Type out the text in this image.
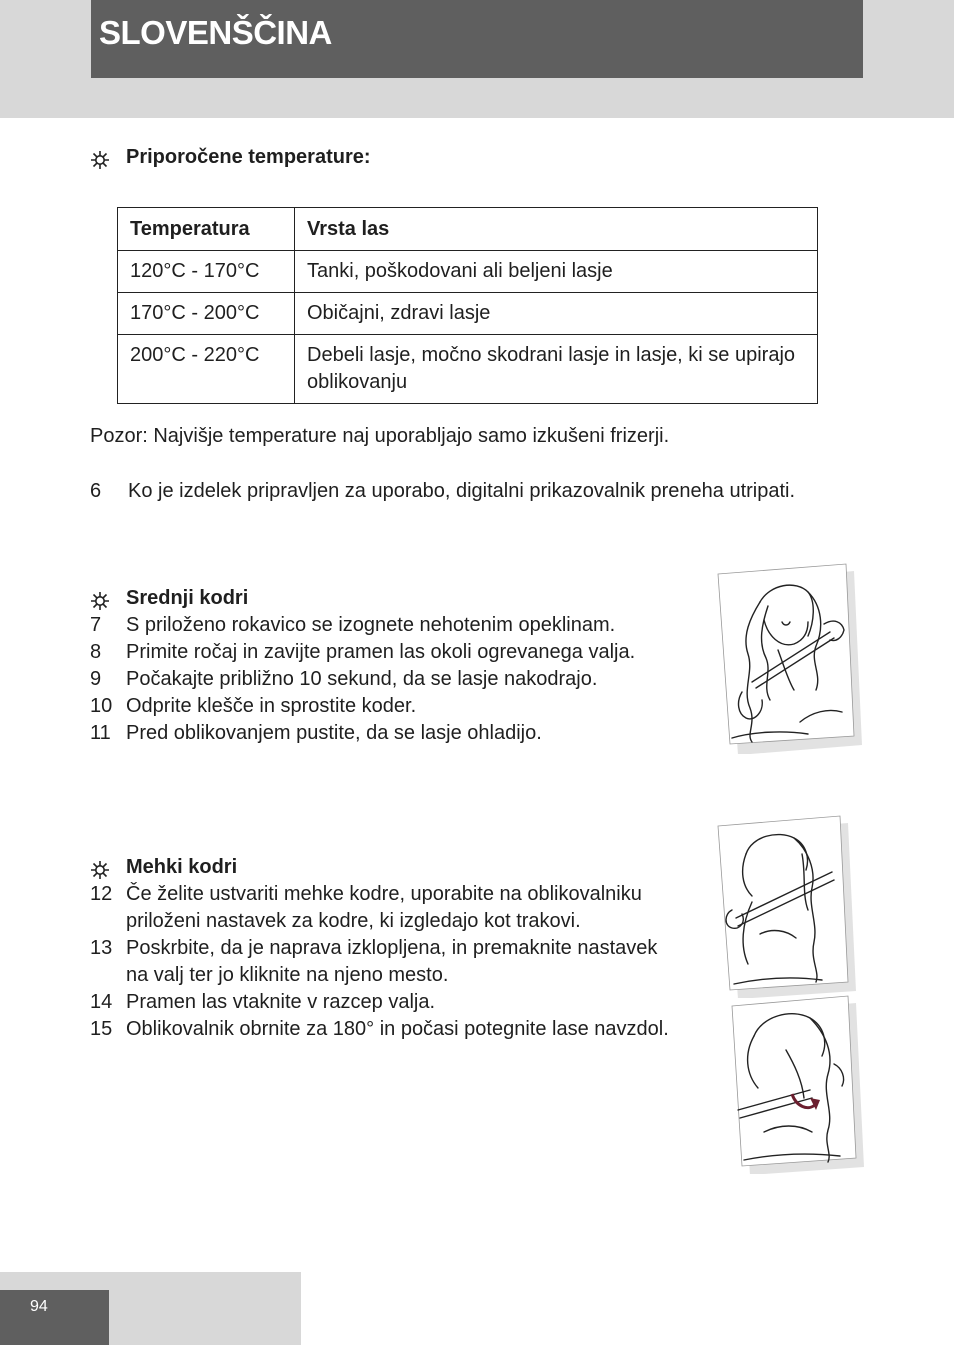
SLOVENŠČINA
Priporočene temperature:
Temperatura	Vrsta las
120°C - 170°C	Tanki, poškodovani ali beljeni lasje
170°C - 200°C	Običajni, zdravi lasje
200°C - 220°C	Debeli lasje, močno skodrani lasje in lasje, ki se upirajo oblikovanju
Pozor: Najvišje temperature naj uporabljajo samo izkušeni frizerji.
6 Ko je izdelek pripravljen za uporabo, digitalni prikazovalnik preneha utripati.
Srednji kodri
7 S priloženo rokavico se izognete nehotenim opeklinam.
8 Primite ročaj in zavijte pramen las okoli ogrevanega valja.
9 Počakajte približno 10 sekund, da se lasje nakodrajo.
10 Odprite klešče in sprostite koder.
11 Pred oblikovanjem pustite, da se lasje ohladijo.
Mehki kodri
12 Če želite ustvariti mehke kodre, uporabite na oblikovalniku
priloženi nastavek za kodre, ki izgledajo kot trakovi.
13 Poskrbite, da je naprava izklopljena, in premaknite nastavek
na valj ter jo kliknite na njeno mesto.
14 Pramen las vtaknite v razcep valja.
15 Oblikovalnik obrnite za 180° in počasi potegnite lase navzdol.
94
